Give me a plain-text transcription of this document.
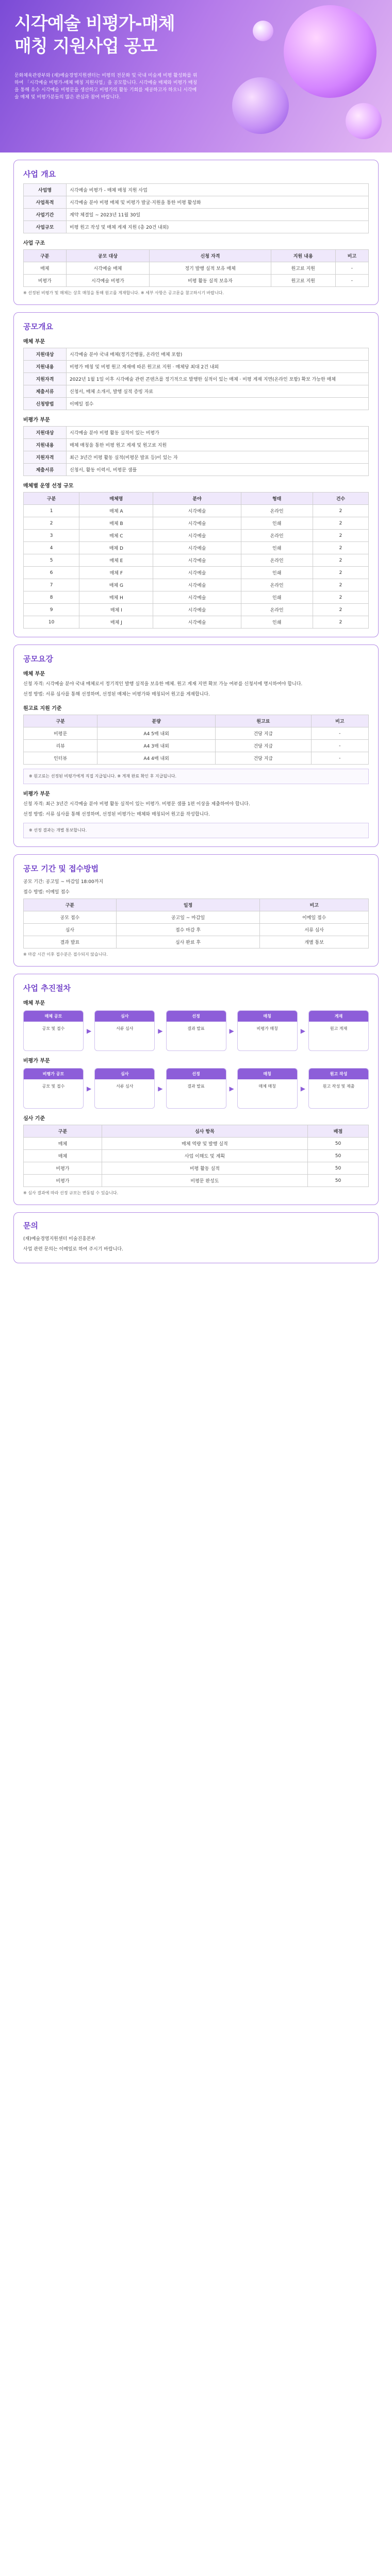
시각예술 비평가-매체
매칭 지원사업 공모
문화체육관광부와 (재)예술경영지원센터는 비평의 전문화 및 국내 미술계 비평 활성화를 위하여 「시각예술 비평가-매체 매칭 지원사업」을 공모합니다. 시각예술 매체와 비평가 매칭을 통해 유수 시각예술 비평문을 생산하고 비평가의 활동 기회를 제공하고자 하오니 시각예술 매체 및 비평가분들의 많은 관심과 참여 바랍니다.
사업 개요
사업명	시각예술 비평가 - 매체 매칭 지원 사업
사업목적	시각예술 분야 비평 매체 및 비평가 발굴·지원을 통한 비평 활성화
사업기간	계약 체결일 ~ 2023년 11월 30일
사업규모	비평 원고 작성 및 매체 게재 지원 (총 20건 내외)
사업 구조
구분	공모 대상	신청 자격	지원 내용	비고
매체	시각예술 매체	정기 발행 실적 보유 매체	원고료 지원	-
비평가	시각예술 비평가	비평 활동 실적 보유자	원고료 지원	-
※ 선정된 비평가 및 매체는 상호 매칭을 통해 원고를 게재합니다. ※ 세부 사항은 공고문을 참고하시기 바랍니다.
공모개요
매체 부문
지원대상	시각예술 분야 국내 매체(정기간행물, 온라인 매체 포함)
지원내용	비평가 매칭 및 비평 원고 게재에 따른 원고료 지원 · 매체당 최대 2건 내외
지원자격	2022년 1월 1일 이후 시각예술 관련 콘텐츠를 정기적으로 발행한 실적이 있는 매체 · 비평 게재 지면(온라인 포함) 확보 가능한 매체
제출서류	신청서, 매체 소개서, 발행 실적 증빙 자료
신청방법	이메일 접수
비평가 부문
지원대상	시각예술 분야 비평 활동 실적이 있는 비평가
지원내용	매체 매칭을 통한 비평 원고 게재 및 원고료 지원
지원자격	최근 3년간 비평 활동 실적(비평문 발표 등)이 있는 자
제출서류	신청서, 활동 이력서, 비평문 샘플
매체별 운영 선정 규모
구분	매체명	분야	형태	건수
1	매체 A	시각예술	온라인	2
2	매체 B	시각예술	인쇄	2
3	매체 C	시각예술	온라인	2
4	매체 D	시각예술	인쇄	2
5	매체 E	시각예술	온라인	2
6	매체 F	시각예술	인쇄	2
7	매체 G	시각예술	온라인	2
8	매체 H	시각예술	인쇄	2
9	매체 I	시각예술	온라인	2
10	매체 J	시각예술	인쇄	2
공모요강
매체 부문
신청 자격: 시각예술 분야 국내 매체로서 정기적인 발행 실적을 보유한 매체. 원고 게재 지면 확보 가능 여부를 신청서에 명시하여야 합니다.
선정 방법: 서류 심사를 통해 선정하며, 선정된 매체는 비평가와 매칭되어 원고를 게재합니다.
원고료 지원 기준
구분	분량	원고료	비고
비평문	A4 5매 내외	건당 지급	-
리뷰	A4 3매 내외	건당 지급	-
인터뷰	A4 4매 내외	건당 지급	-
※ 원고료는 선정된 비평가에게 직접 지급됩니다. ※ 게재 완료 확인 후 지급됩니다.
비평가 부문
신청 자격: 최근 3년간 시각예술 분야 비평 활동 실적이 있는 비평가. 비평문 샘플 1편 이상을 제출하여야 합니다.
선정 방법: 서류 심사를 통해 선정하며, 선정된 비평가는 매체와 매칭되어 원고를 작성합니다.
※ 선정 결과는 개별 통보합니다.
공모 기간 및 접수방법
공모 기간: 공고일 ~ 마감일 18:00까지
접수 방법: 이메일 접수
구분	일정	비고
공모 접수	공고일 ~ 마감일	이메일 접수
심사	접수 마감 후	서류 심사
결과 발표	심사 완료 후	개별 통보
※ 마감 시간 이후 접수분은 접수되지 않습니다.
사업 추진절차
매체 부문
매체 공모
공모 및 접수	▶
심사
서류 심사	▶
선정
결과 발표	▶
매칭
비평가 매칭	▶
게재
원고 게재
비평가 부문
비평가 공모
공모 및 접수	▶
심사
서류 심사	▶
선정
결과 발표	▶
매칭
매체 매칭	▶
원고 작성
원고 작성 및 제출
심사 기준
구분	심사 항목	배점
매체	매체 역량 및 발행 실적	50
매체	사업 이해도 및 계획	50
비평가	비평 활동 실적	50
비평가	비평문 완성도	50
※ 심사 결과에 따라 선정 규모는 변동될 수 있습니다.
문의
(재)예술경영지원센터 미술진흥본부
사업 관련 문의는 이메일로 하여 주시기 바랍니다.
